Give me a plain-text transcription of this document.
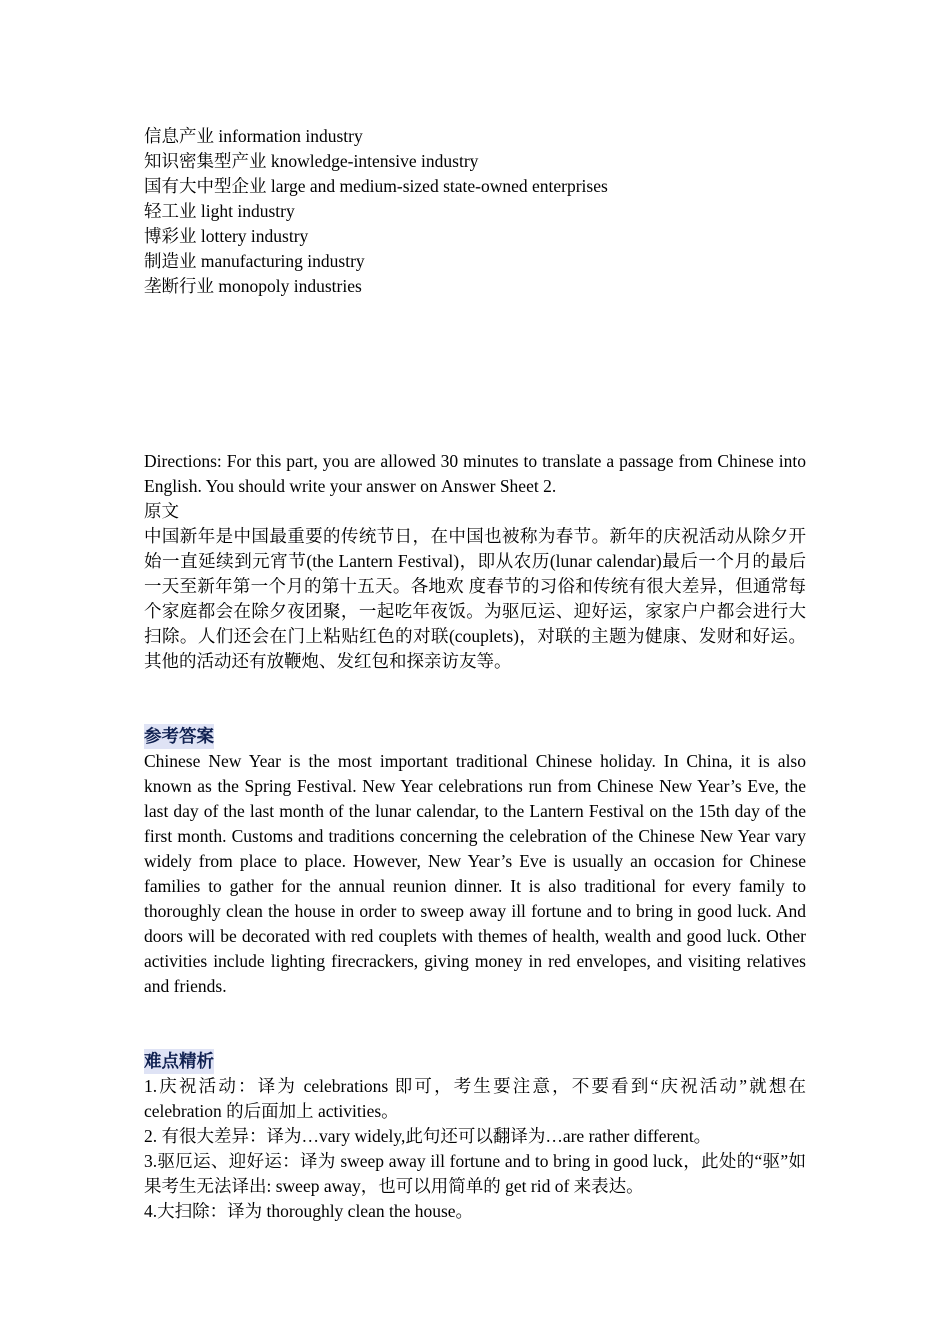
信息产业 information industry
知识密集型产业 knowledge-intensive industry
国有大中型企业 large and medium-sized state-owned enterprises
轻工业 light industry
博彩业 lottery industry
制造业 manufacturing industry
垄断行业 monopoly industries
Directions: For this part, you are allowed 30 minutes to translate a passage from Chinese into English. You should write your answer on Answer Sheet 2.
原文
中国新年是中国最重要的传统节日，在中国也被称为春节。新年的庆祝活动从除夕开始一直延续到元宵节(the Lantern Festival)，即从农历(lunar calendar)最后一个月的最后一天至新年第一个月的第十五天。各地欢 度春节的习俗和传统有很大差异，但通常每个家庭都会在除夕夜团聚，一起吃年夜饭。为驱厄运、迎好运，家家户户都会进行大扫除。人们还会在门上粘贴红色的对联(couplets)，对联的主题为健康、发财和好运。其他的活动还有放鞭炮、发红包和探亲访友等。
参考答案
Chinese New Year is the most important traditional Chinese holiday. In China, it is also known as the Spring Festival. New Year celebrations run from Chinese New Year’s Eve, the last day of the last month of the lunar calendar, to the Lantern Festival on the 15th day of the first month. Customs and traditions concerning the celebration of the Chinese New Year vary widely from place to place. However, New Year’s Eve is usually an occasion for Chinese families to gather for the annual reunion dinner. It is also traditional for every family to thoroughly clean the house in order to sweep away ill fortune and to bring in good luck. And doors will be decorated with red couplets with themes of health, wealth and good luck. Other activities include lighting firecrackers, giving money in red envelopes, and visiting relatives and friends.
难点精析
1.庆祝活动：译为 celebrations 即可，考生要注意，不要看到“庆祝活动”就想在 celebration 的后面加上 activities。
2. 有很大差异：译为…vary widely,此句还可以翻译为…are rather different。
3.驱厄运、迎好运：译为 sweep away ill fortune and to bring in good luck，此处的“驱”如果考生无法译出: sweep away，也可以用简单的 get rid of 来表达。
4.大扫除：译为 thoroughly clean the house。
